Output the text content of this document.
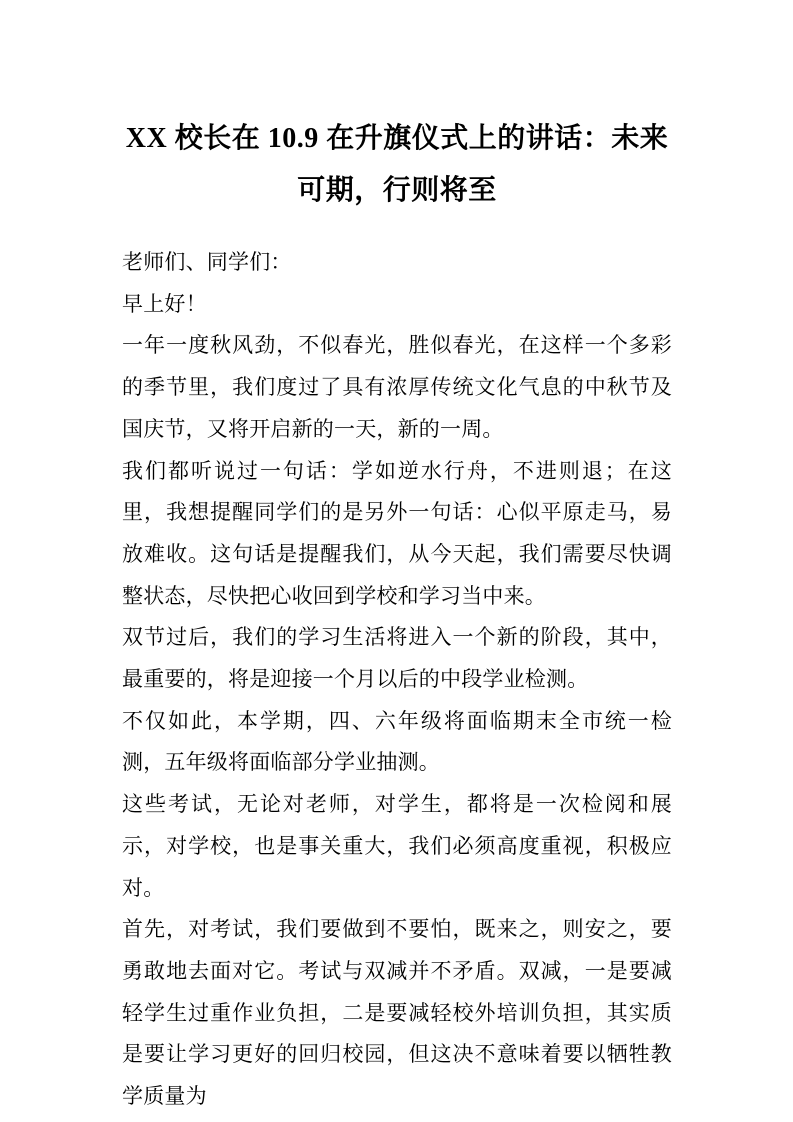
XX 校长在 10.9 在升旗仪式上的讲话：未来可期，行则将至

老师们、同学们：

早上好！

一年一度秋风劲，不似春光，胜似春光，在这样一个多彩的季节里，我们度过了具有浓厚传统文化气息的中秋节及国庆节，又将开启新的一天，新的一周。

我们都听说过一句话：学如逆水行舟，不进则退；在这里，我想提醒同学们的是另外一句话：心似平原走马，易放难收。这句话是提醒我们，从今天起，我们需要尽快调整状态，尽快把心收回到学校和学习当中来。

双节过后，我们的学习生活将进入一个新的阶段，其中，最重要的，将是迎接一个月以后的中段学业检测。

不仅如此，本学期，四、六年级将面临期末全市统一检测，五年级将面临部分学业抽测。

这些考试，无论对老师，对学生，都将是一次检阅和展示，对学校，也是事关重大，我们必须高度重视，积极应对。

首先，对考试，我们要做到不要怕，既来之，则安之，要勇敢地去面对它。考试与双减并不矛盾。双减，一是要减轻学生过重作业负担，二是要减轻校外培训负担，其实质是要让学习更好的回归校园，但这决不意味着要以牺牲教学质量为
